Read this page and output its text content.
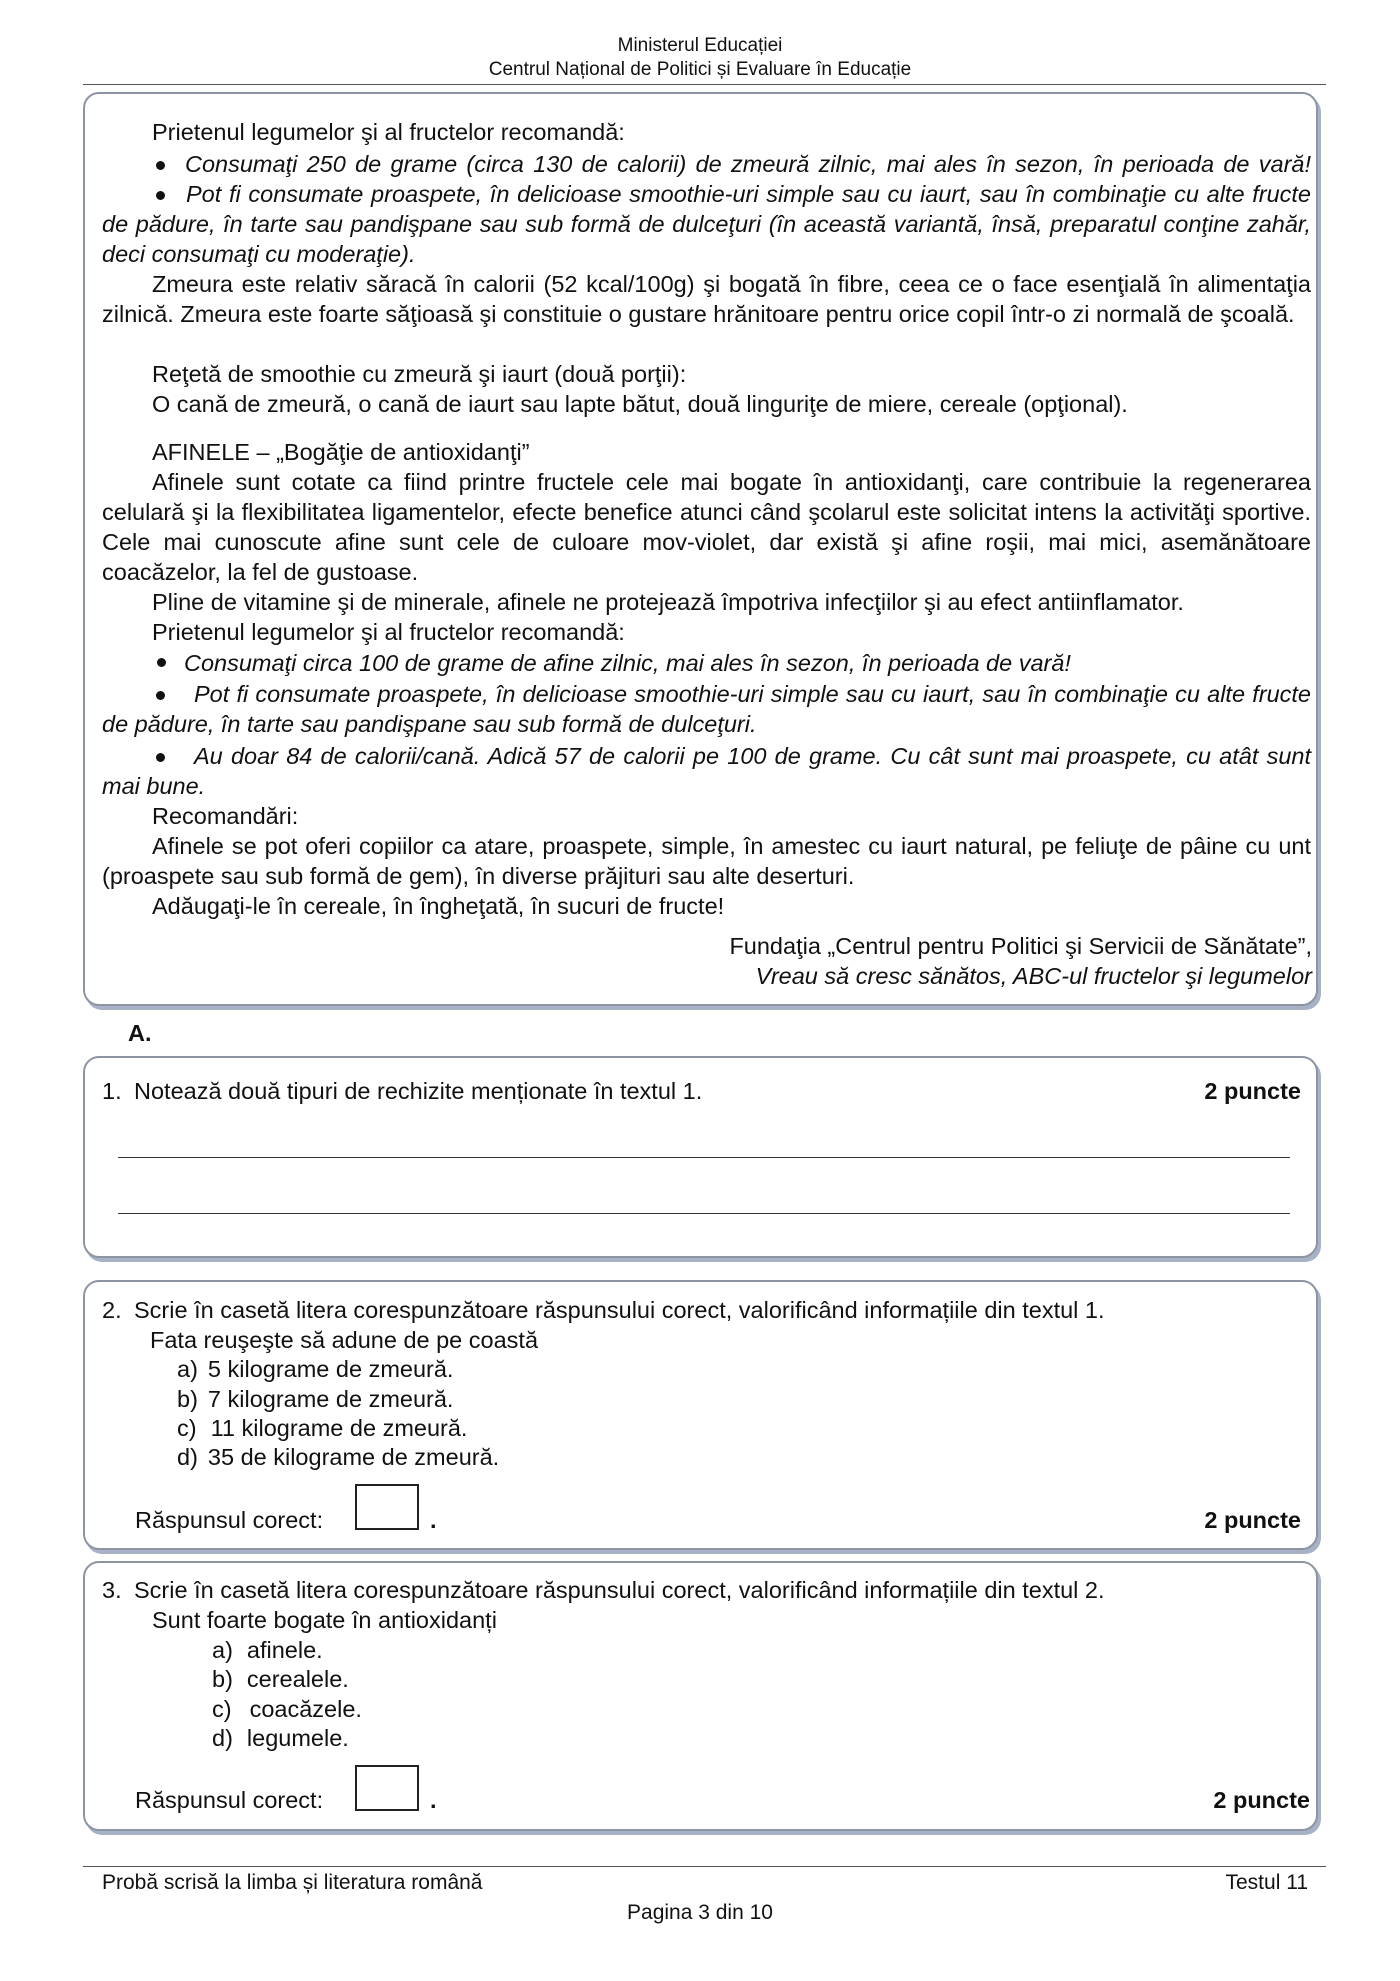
Ministerul Educației
Centrul Național de Politici și Evaluare în Educație
Prietenul legumelor şi al fructelor recomandă:
Consumaţi 250 de grame (circa 130 de calorii) de zmeură zilnic, mai ales în sezon, în perioada de vară!
Pot fi consumate proaspete, în delicioase smoothie-uri simple sau cu iaurt, sau în combinaţie cu alte fructe de pădure, în tarte sau pandişpane sau sub formă de dulceţuri (în această variantă, însă, preparatul conţine zahăr, deci consumaţi cu moderaţie).
Zmeura este relativ săracă în calorii (52 kcal/100g) şi bogată în fibre, ceea ce o face esenţială în alimentaţia zilnică. Zmeura este foarte săţioasă şi constituie o gustare hrănitoare pentru orice copil într-o zi normală de şcoală.
Reţetă de smoothie cu zmeură şi iaurt (două porţii):
O cană de zmeură, o cană de iaurt sau lapte bătut, două linguriţe de miere, cereale (opţional).
AFINELE – „Bogăţie de antioxidanţi”
Afinele sunt cotate ca fiind printre fructele cele mai bogate în antioxidanţi, care contribuie la regenerarea celulară şi la flexibilitatea ligamentelor, efecte benefice atunci când şcolarul este solicitat intens la activităţi sportive. Cele mai cunoscute afine sunt cele de culoare mov-violet, dar există şi afine roşii, mai mici, asemănătoare coacăzelor, la fel de gustoase.
Pline de vitamine şi de minerale, afinele ne protejează împotriva infecţiilor şi au efect antiinflamator.
Prietenul legumelor şi al fructelor recomandă:
Consumaţi circa 100 de grame de afine zilnic, mai ales în sezon, în perioada de vară!
Pot fi consumate proaspete, în delicioase smoothie-uri simple sau cu iaurt, sau în combinaţie cu alte fructe de pădure, în tarte sau pandişpane sau sub formă de dulceţuri.
Au doar 84 de calorii/cană. Adică 57 de calorii pe 100 de grame. Cu cât sunt mai proaspete, cu atât sunt mai bune.
Recomandări:
Afinele se pot oferi copiilor ca atare, proaspete, simple, în amestec cu iaurt natural, pe feliuţe de pâine cu unt (proaspete sau sub formă de gem), în diverse prăjituri sau alte deserturi.
Adăugaţi-le în cereale, în îngheţată, în sucuri de fructe!
Fundaţia „Centrul pentru Politici şi Servicii de Sănătate”,
Vreau să cresc sănătos, ABC-ul fructelor şi legumelor
A.
1. Notează două tipuri de rechizite menționate în textul 1.	2 puncte
2. Scrie în casetă litera corespunzătoare răspunsului corect, valorificând informațiile din textul 1.
Fata reuşeşte să adune de pe coastă
a) 5 kilograme de zmeură.
b) 7 kilograme de zmeură.
c) 11 kilograme de zmeură.
d) 35 de kilograme de zmeură.
Răspunsul corect:	.	2 puncte
3. Scrie în casetă litera corespunzătoare răspunsului corect, valorificând informațiile din textul 2.
Sunt foarte bogate în antioxidanți
a) afinele.
b) cerealele.
c) coacăzele.
d) legumele.
Răspunsul corect:	.	2 puncte
Probă scrisă la limba și literatura română	Testul 11
Pagina 3 din 10
